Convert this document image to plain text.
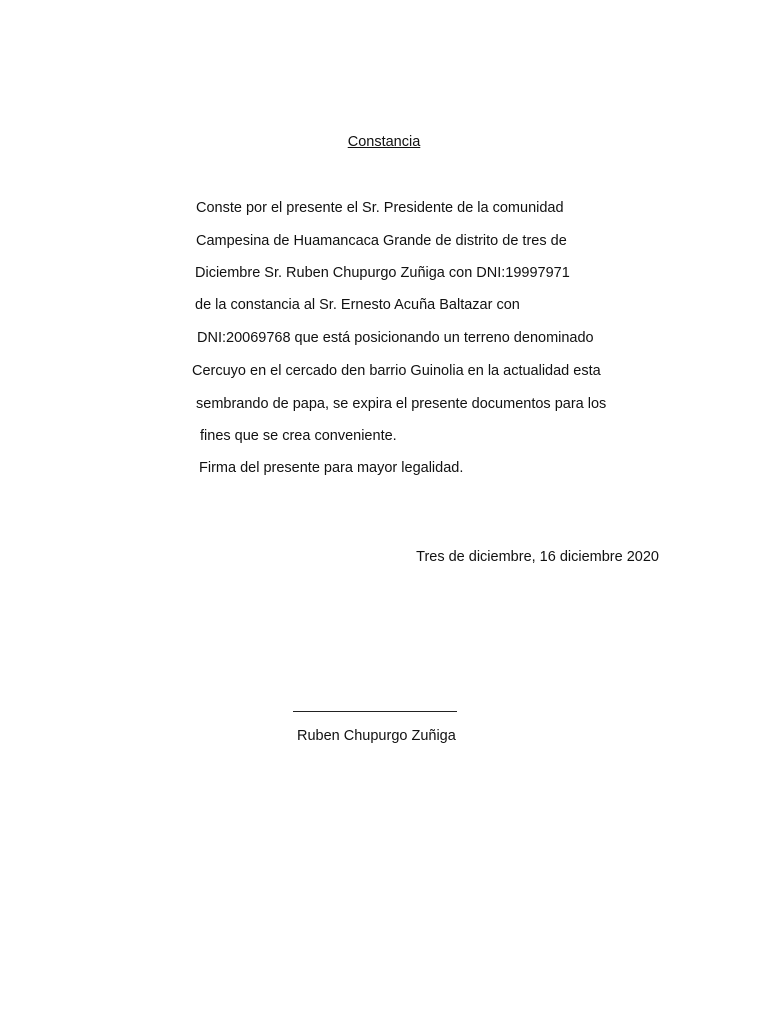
Constancia
Conste por el presente el Sr. Presidente de la comunidad
Campesina de Huamancaca Grande de distrito de tres de
Diciembre Sr. Ruben Chupurgo Zuñiga con DNI:19997971
de la constancia al Sr. Ernesto Acuña Baltazar con
DNI:20069768 que está posicionando un terreno denominado
Cercuyo en el cercado den barrio Guinolia en la actualidad esta
sembrando de papa, se expira el presente documentos para los
fines que se crea conveniente.
Firma del presente para mayor legalidad.
Tres de diciembre, 16 diciembre 2020
Ruben Chupurgo Zuñiga
